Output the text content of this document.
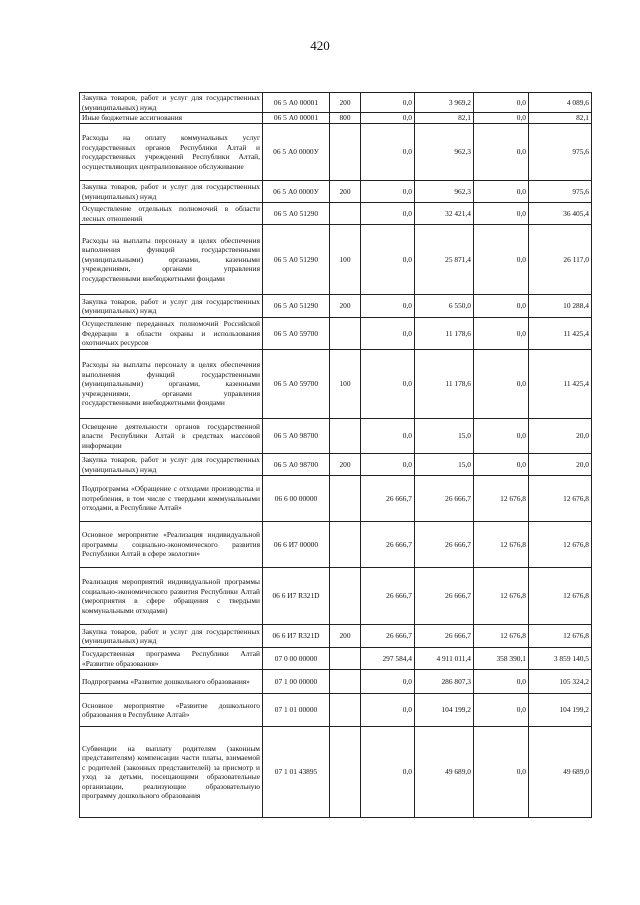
420
Закупка товаров, работ и услуг для государственных (муниципальных) нужд	06 5 А0 00001	200	0,0	3 969,2	0,0	4 089,6
Иные бюджетные ассигнования	06 5 А0 00001	800	0,0	82,1	0,0	82,1
Расходы на оплату коммунальных услуг государственных органов Республики Алтай и государственных учреждений Республики Алтай, осуществляющих централизованное обслуживание	06 5 А0 0000У		0,0	962,3	0,0	975,6
Закупка товаров, работ и услуг для государственных (муниципальных) нужд	06 5 А0 0000У	200	0,0	962,3	0,0	975,6
Осуществление отдельных полномочий в области лесных отношений	06 5 А0 51290		0,0	32 421,4	0,0	36 405,4
Расходы на выплаты персоналу в целях обеспечения выполнения функций государственными (муниципальными) органами, казенными учреждениями, органами управления государственными внебюджетными фондами	06 5 А0 51290	100	0,0	25 871,4	0,0	26 117,0
Закупка товаров, работ и услуг для государственных (муниципальных) нужд	06 5 А0 51290	200	0,0	6 550,0	0,0	10 288,4
Осуществление переданных полномочий Российской Федерации в области охраны и использования охотничьих ресурсов	06 5 А0 59700		0,0	11 178,6	0,0	11 425,4
Расходы на выплаты персоналу в целях обеспечения выполнения функций государственными (муниципальными) органами, казенными учреждениями, органами управления государственными внебюджетными фондами	06 5 А0 59700	100	0,0	11 178,6	0,0	11 425,4
Освещение деятельности органов государственной власти Республики Алтай в средствах массовой информации	06 5 А0 98700		0,0	15,0	0,0	20,0
Закупка товаров, работ и услуг для государственных (муниципальных) нужд	06 5 А0 98700	200	0,0	15,0	0,0	20,0
Подпрограмма «Обращение с отходами производства и потребления, в том числе с твердыми коммунальными отходами, в Республике Алтай»	06 6 00 00000		26 666,7	26 666,7	12 676,8	12 676,8
Основное мероприятие «Реализация индивидуальной программы социально-экономического развития Республики Алтай в сфере экологии»	06 6 И7 00000		26 666,7	26 666,7	12 676,8	12 676,8
Реализация мероприятий индивидуальной программы социально-экономического развития Республики Алтай (мероприятия в сфере обращения с твердыми коммунальными отходами)	06 6 И7 R321D		26 666,7	26 666,7	12 676,8	12 676,8
Закупка товаров, работ и услуг для государственных (муниципальных) нужд	06 6 И7 R321D	200	26 666,7	26 666,7	12 676,8	12 676,8
Государственная программа Республики Алтай «Развитие образования»	07 0 00 00000		297 584,4	4 911 011,4	358 390,1	3 859 140,5
Подпрограмма «Развитие дошкольного образования»	07 1 00 00000		0,0	286 807,3	0,0	105 324,2
Основное мероприятие «Развитие дошкольного образования в Республике Алтай»	07 1 01 00000		0,0	104 199,2	0,0	104 199,2
Субвенции на выплату родителям (законным представителям) компенсации части платы, взимаемой с родителей (законных представителей) за присмотр и уход за детьми, посещающими образовательные организации, реализующие образовательную программу дошкольного образования	07 1 01 43895		0,0	49 689,0	0,0	49 689,0
